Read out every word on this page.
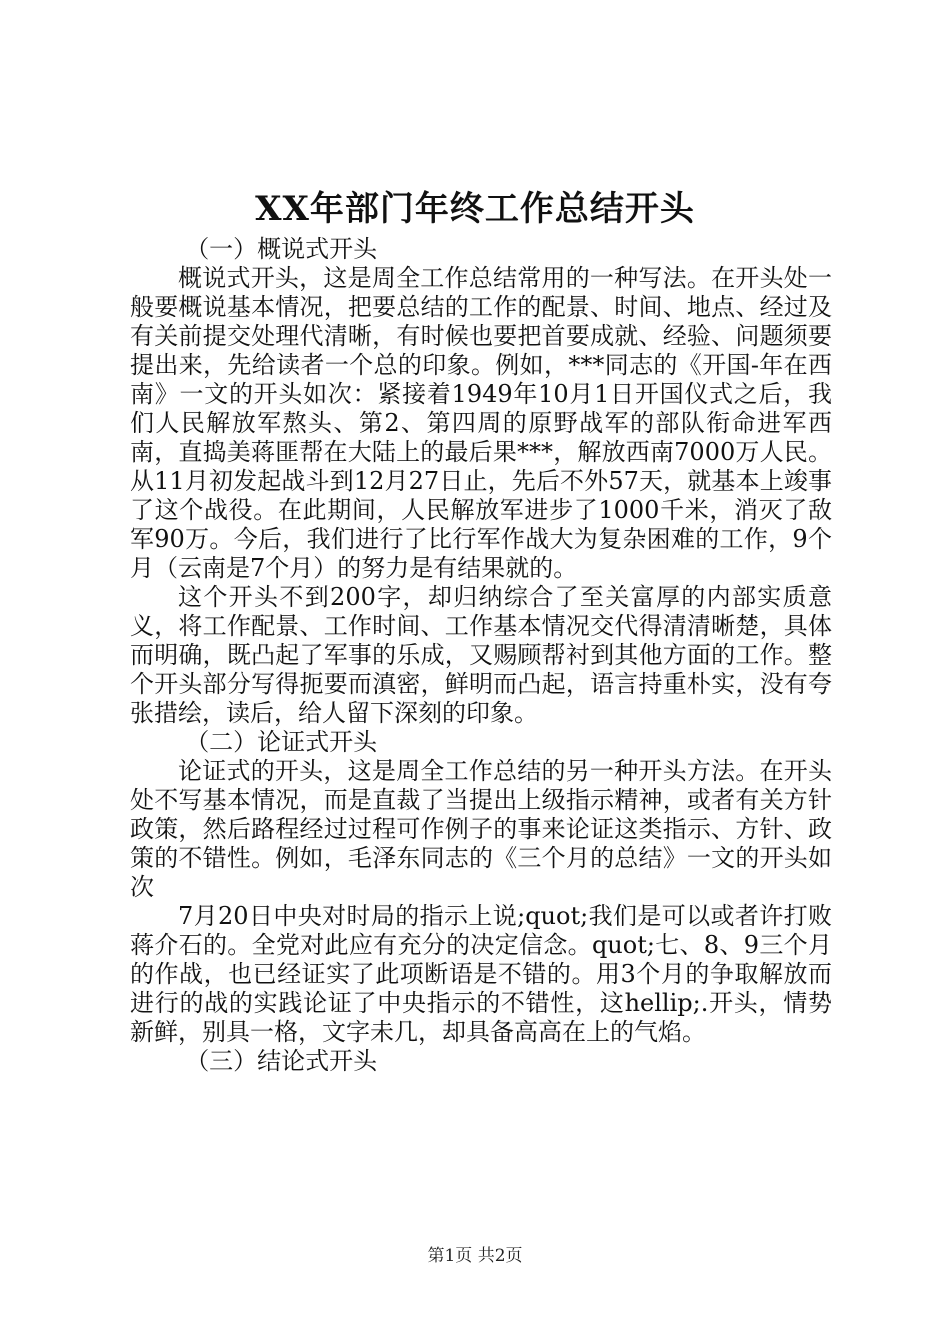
XX年部门年终工作总结开头

（一）概说式开头

概说式开头，这是周全工作总结常用的一种写法。在开头处一般要概说基本情况，把要总结的工作的配景、时间、地点、经过及有关前提交处理代清晰，有时候也要把首要成就、经验、问题须要提出来，先给读者一个总的印象。例如，***同志的《开国-年在西南》一文的开头如次：紧接着1949年10月1日开国仪式之后，我们人民解放军熬头、第2、第四周的原野战军的部队衔命进军西南，直捣美蒋匪帮在大陆上的最后果***，解放西南7000万人民。从11月初发起战斗到12月27日止，先后不外57天，就基本上竣事了这个战役。在此期间，人民解放军进步了1000千米，消灭了敌军90万。今后，我们进行了比行军作战大为复杂困难的工作，9个月（云南是7个月）的努力是有结果就的。

这个开头不到200字，却归纳综合了至关富厚的内部实质意义，将工作配景、工作时间、工作基本情况交代得清清晰楚，具体而明确，既凸起了军事的乐成，又赐顾帮衬到其他方面的工作。整个开头部分写得扼要而滇密，鲜明而凸起，语言持重朴实，没有夸张措绘，读后，给人留下深刻的印象。

（二）论证式开头

论证式的开头，这是周全工作总结的另一种开头方法。在开头处不写基本情况，而是直裁了当提出上级指示精神，或者有关方针政策，然后路程经过过程可作例子的事来论证这类指示、方针、政策的不错性。例如，毛泽东同志的《三个月的总结》一文的开头如次

7月20日中央对时局的指示上说;quot;我们是可以或者许打败蒋介石的。全党对此应有充分的决定信念。quot;七、8、9三个月的作战，也已经证实了此项断语是不错的。用3个月的争取解放而进行的战的实践论证了中央指示的不错性，这hellip;.开头，情势新鲜，别具一格，文字未几，却具备高高在上的气焰。

（三）结论式开头

第1页 共2页
